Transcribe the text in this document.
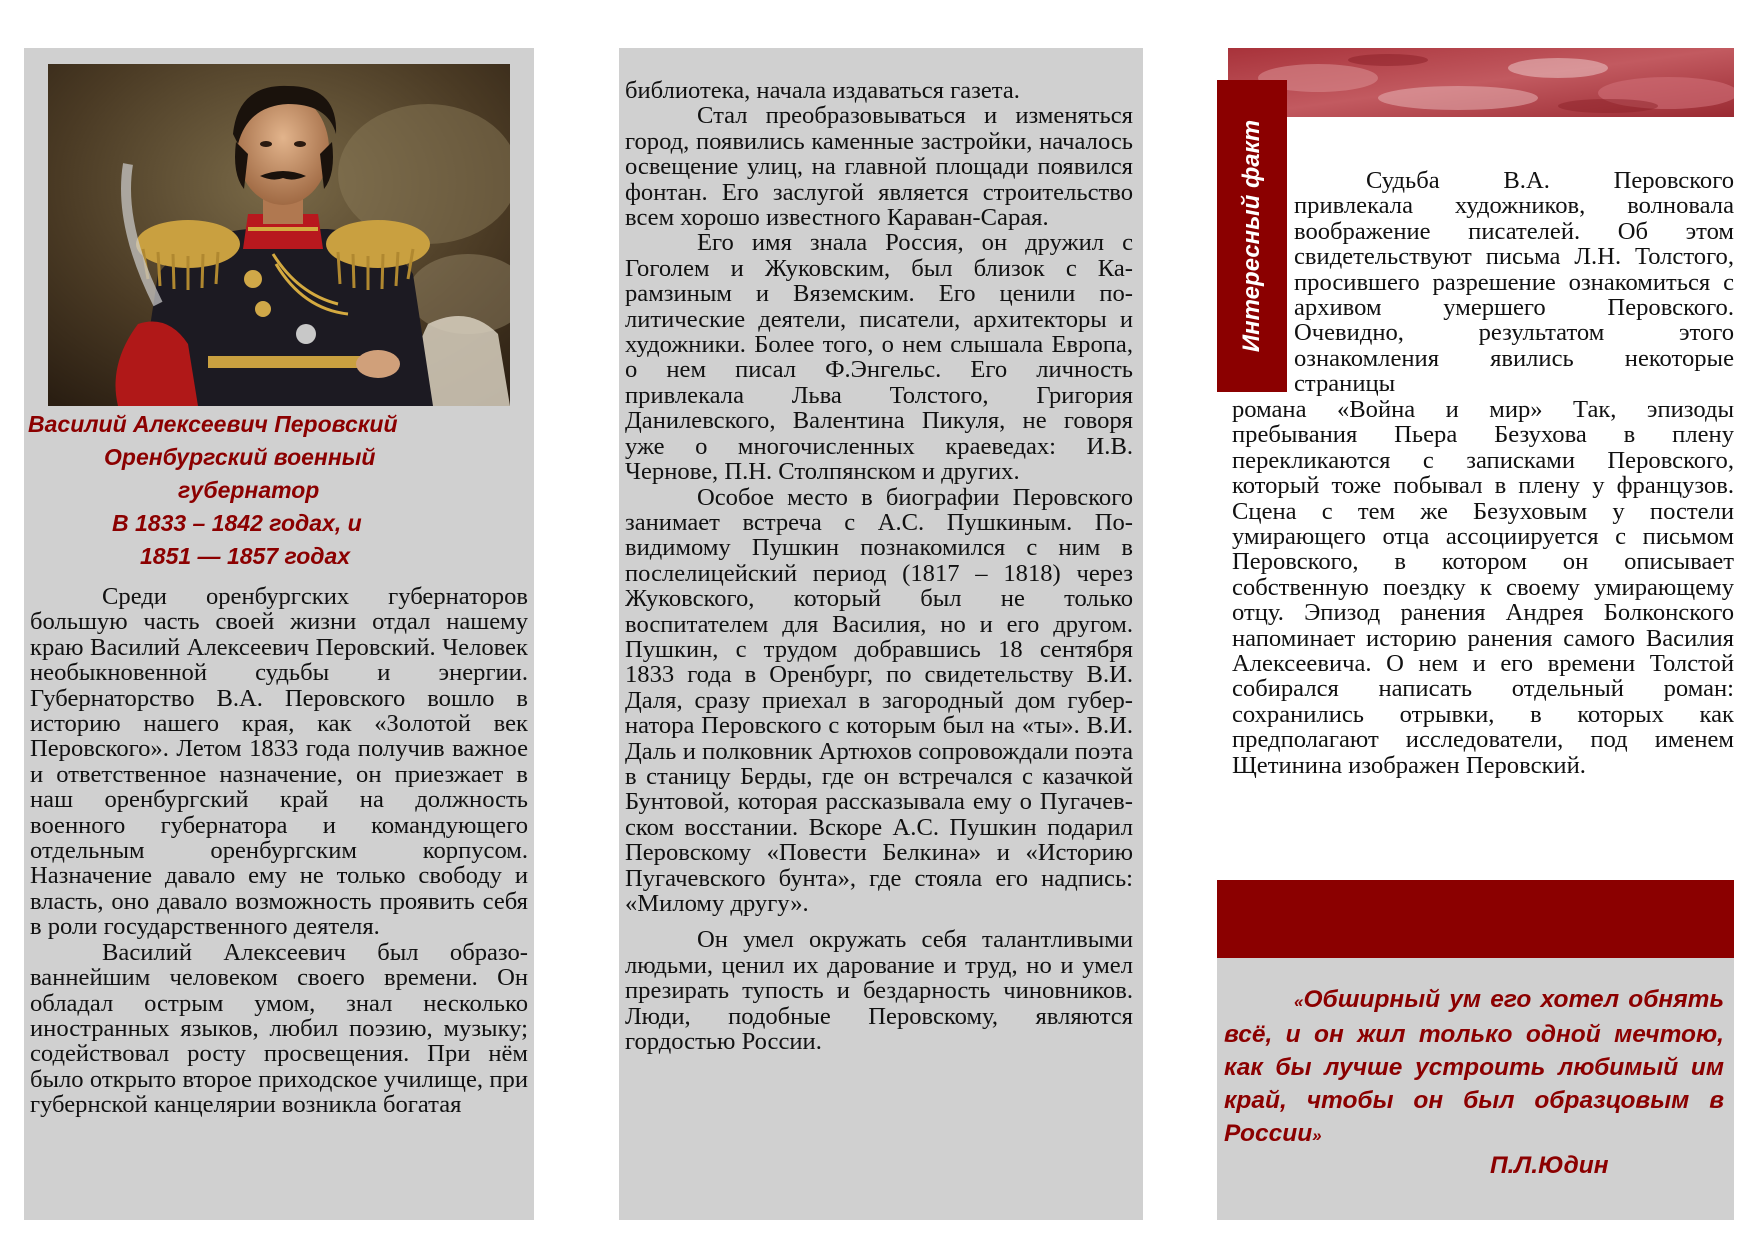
Василий Алексеевич Перовский
Оренбургский военный
губернатор
В 1833 – 1842 годах, и
1851 — 1857 годах

Среди оренбургских губернаторов большую часть своей жизни отдал нашему краю Василий Алексеевич Перовский. Человек необыкновенной судьбы и энергии. Губернаторство В.А. Перовского вошло в историю нашего края, как «Золотой век Перовского». Летом 1833 года получив важное и ответственное назначение, он приезжает в наш оренбургский край на должность военного губернатора и командующего отдельным оренбургским корпусом. Назначение давало ему не только свободу и власть, оно давало возможность проявить себя в роли государственного деятеля.

Василий Алексеевич был образованнейшим человеком своего времени. Он обладал острым умом, знал несколько иностранных языков, любил поэзию, музыку; содействовал росту просвещения. При нём было открыто второе приходское училище, при губернской канцелярии возникла богатая

библиотека, начала издаваться газета.

Стал преобразовываться и изменяться город, появились каменные застройки, началось освещение улиц, на главной площади появился фонтан. Его заслугой является строительство всем хорошо известного Караван-Сарая.

Его имя знала Россия, он дружил с Гоголем и Жуковским, был близок с Карамзиным и Вяземским. Его ценили политические деятели, писатели, архитекторы и художники. Более того, о нем слышала Европа, о нем писал Ф.Энгельс. Его личность привлекала Льва Толстого, Григория Данилевского, Валентина Пикуля, не говоря уже о многочисленных краеведах: И.В. Чернове, П.Н. Столпянском и других.

Особое место в биографии Перовского занимает встреча с А.С. Пушкиным. По-видимому Пушкин познакомился с ним в послелицейский период (1817 – 1818) через Жуковского, который был не только воспитателем для Василия, но и его другом. Пушкин, с трудом добравшись 18 сентября 1833 года в Оренбург, по свидетельству В.И. Даля, сразу приехал в загородный дом губернатора Перовского с которым был на «ты». В.И. Даль и полковник Артюхов сопровождали поэта в станицу Берды, где он встречался с казачкой Бунтовой, которая рассказывала ему о Пугачевском восстании. Вскоре А.С. Пушкин подарил Перовскому «Повести Белкина» и «Историю Пугачевского бунта», где стояла его надпись: «Милому другу».

Он умел окружать себя талантливыми людьми, ценил их дарование и труд, но и умел презирать тупость и бездарность чиновников. Люди, подобные Перовскому, являются гордостью России.

Интересный факт	Судьба В.А. Перовского привлекала художников, волновала воображение писателей. Об этом свидетельствуют письма Л.Н. Толстого, просившего разрешение ознакомиться с архивом умершего Перовского. Очевидно, результатом этого ознакомления явились некоторые страницы

романа «Война и мир» Так, эпизоды пребывания Пьера Безухова в плену перекликаются с записками Перовского, который тоже побывал в плену у французов. Сцена с тем же Безуховым у постели умирающего отца ассоциируется с письмом Перовского, в котором он описывает собственную поездку к своему умирающему отцу. Эпизод ранения Андрея Болконского напоминает историю ранения самого Василия Алексеевича. О нем и его времени Толстой собирался написать отдельный роман: сохранились отрывки, в которых как предполагают исследователи, под именем Щетинина изображен Перовский.

«Обширный ум его хотел обнять всё, и он жил только одной мечтою, как бы лучше устроить любимый им край, чтобы он был образцовым в России»

П.Л.Юдин
